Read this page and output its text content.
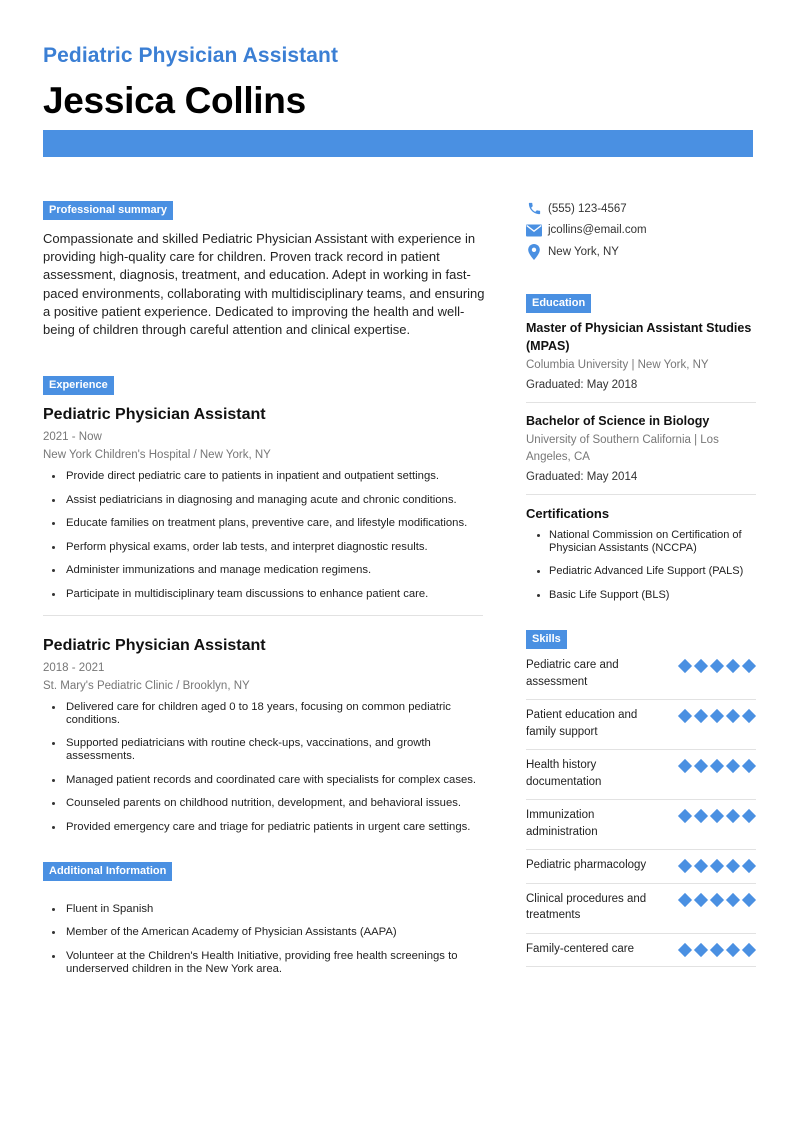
Pediatric Physician Assistant
Jessica Collins
Professional summary

Compassionate and skilled Pediatric Physician Assistant with experience in providing high-quality care for children. Proven track record in patient assessment, diagnosis, treatment, and education. Adept in working in fast-paced environments, collaborating with multidisciplinary teams, and ensuring a positive patient experience. Dedicated to improving the health and well-being of children through careful attention and clinical expertise.

Experience
Pediatric Physician Assistant
2021 - Now
New York Children's Hospital / New York, NY
Provide direct pediatric care to patients in inpatient and outpatient settings.
Assist pediatricians in diagnosing and managing acute and chronic conditions.
Educate families on treatment plans, preventive care, and lifestyle modifications.
Perform physical exams, order lab tests, and interpret diagnostic results.
Administer immunizations and manage medication regimens.
Participate in multidisciplinary team discussions to enhance patient care.
Pediatric Physician Assistant
2018 - 2021
St. Mary's Pediatric Clinic / Brooklyn, NY
Delivered care for children aged 0 to 18 years, focusing on common pediatric conditions.
Supported pediatricians with routine check-ups, vaccinations, and growth assessments.
Managed patient records and coordinated care with specialists for complex cases.
Counseled parents on childhood nutrition, development, and behavioral issues.
Provided emergency care and triage for pediatric patients in urgent care settings.
Additional Information
Fluent in Spanish
Member of the American Academy of Physician Assistants (AAPA)
Volunteer at the Children's Health Initiative, providing free health screenings to underserved children in the New York area.
(555) 123-4567
jcollins@email.com
New York, NY
Education
Master of Physician Assistant Studies (MPAS)
Columbia University | New York, NY
Graduated: May 2018
Bachelor of Science in Biology
University of Southern California | Los Angeles, CA
Graduated: May 2014
Certifications
National Commission on Certification of Physician Assistants (NCCPA)
Pediatric Advanced Life Support (PALS)
Basic Life Support (BLS)
Skills
Pediatric care and assessment
Patient education and family support
Health history documentation
Immunization administration
Pediatric pharmacology
Clinical procedures and treatments
Family-centered care
